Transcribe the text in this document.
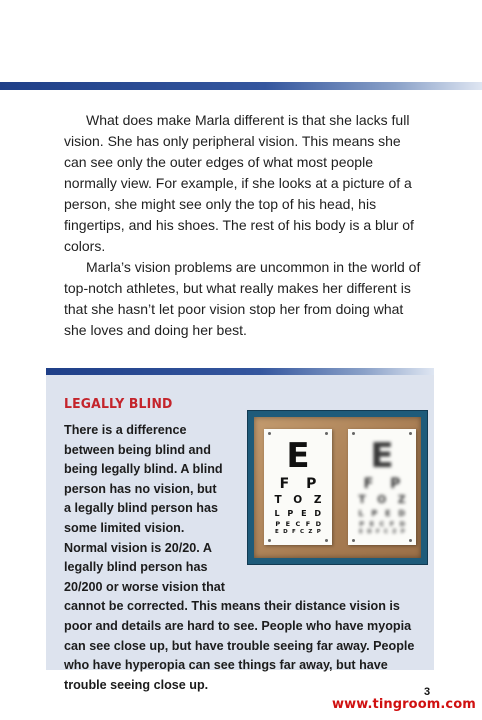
What does make Marla different is that she lacks full vision. She has only peripheral vision. This means she can see only the outer edges of what most people normally view. For example, if she looks at a picture of a person, she might see only the top of his head, his fingertips, and his shoes. The rest of his body is a blur of colors.

Marla’s vision problems are uncommon in the world of top-notch athletes, but what really makes her different is that she hasn’t let poor vision stop her from doing what she loves and doing her best.

LEGALLY BLIND
There is a difference between being blind and being legally blind. A blind person has no vision, but a legally blind person has some limited vision. Normal vision is 20/20. A legally blind person has 20/200 or worse vision that cannot be corrected. This means their distance vision is poor and details are hard to see. People who have myopia can see close up, but have trouble seeing far away. People who have hyperopia can see things far away, but have trouble seeing close up.
E
F P
T O Z
L P E D
P E C F D
E D F C Z P
E
F P
T O Z
L P E D
P E C F D
E D F C Z P
3
www.tingroom.com
